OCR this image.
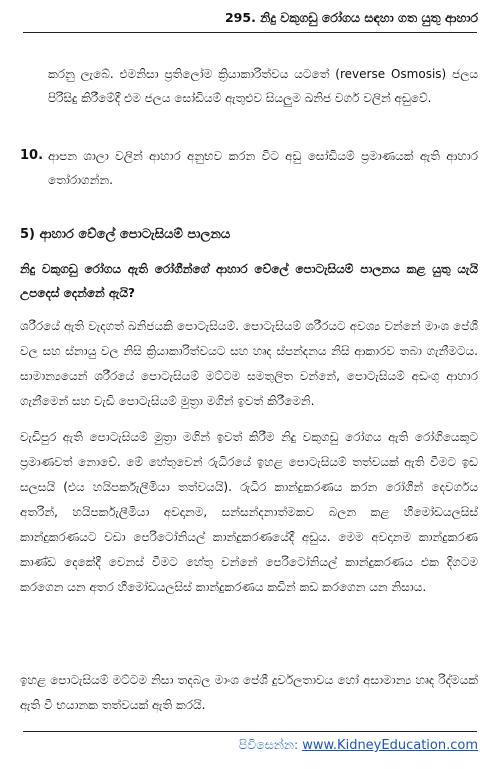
295. නිදු වකුගඩු රෝගය සඳහා ගත යුතු ආහාර
කරනු ලැබේ. එමනිසා ප්‍රතිලෝම ක්‍රියාකාරිත්වය යටතේ (reverse Osmosis) ජලය පිරිසිදු කිරීමේදී එම ජලය සෝඩියම් ඇතුළුව සියලුම ඛනිජ වර්ග වලින් අඩුවේ.
10. ආපන ශාලා වලින් ආහාර අනුභව කරන විට අඩු සෝඩියම් ප්‍රමාණයක් ඇති ආහාර තෝරාගන්න.
5) ආහාර වේලේ පොටැසියම් පාලනය
නිදු වකුගඩු රෝගය ඇති රෝගීන්ගේ ආහාර වේලේ පොටැසියම් පාලනය කළ යුතු යැයි උපදෙස් දෙන්නේ ඇයි?
ශරීරයේ ඇති වැදගත් ඛනිජයකි පොටැසියම්. පොටැසියම් ශරීරයට අවශ්‍ය වන්නේ මාංශ පේශී වල සහ ස්නායු වල නිසි ක්‍රියාකාරිත්වයට සහ හෘද ස්පන්දනය නිසි ආකාරව තබා ගැනීමටය. සාමාන්‍යයෙන් ශරීරයේ පොටැසියම් මට්ටම සමතුලිත වන්නේ, පොටැසියම් අඩංගු ආහාර ගැනීමෙන් සහ වැඩි පොටැසියම් මුත්‍රා මගින් ඉවත් කිරීමෙනි.
වැඩිපුර ඇති පොටැසියම් මුත්‍රා මගින් ඉවත් කිරීම නිදු වකුගඩු රෝගය ඇති රෝගියෙකුට ප්‍රමාණවත් නොවේ. මේ හේතුවෙන් රුධිරයේ ඉහළ පොටැසියම් තත්වයක් ඇති වීමට ඉඩ සලසයි (එය හයිපර්කැලීමියා තත්වයයි). රුධිර කාන්දුකරණය කරන රෝගීන් දෙවර්ගය අතරින්, හයිපර්කැලීමියා අවදානම, සන්සන්දනාත්මකව බලන කළ හීමෝඩයලසිස් කාන්දුකරණයට වඩා පෙරිටෝනියල් කාන්දුකරණයේදී අඩුය. මෙම අවදානම කාන්දුකරණ කාණ්ඩ දෙකේදී වෙනස් වීමට හේතු වන්නේ පෙරිටෝනියල් කාන්දුකරණය එක දිගටම කරගෙන යන අතර හීමෝඩයලසිස් කාන්දුකරණය කඩින් කඩ කරගෙන යන නිසාය.
ඉහළ පොටැසියම් මට්ටම නිසා තදබල මාංශ පේශී දුර්වලතාවය හෝ අසාමාන්‍ය හෘද රිද්මයක් ඇති වී භයානක තත්වයක් ඇති කරයි.
පිවිසෙන්න: www.KidneyEducation.com
